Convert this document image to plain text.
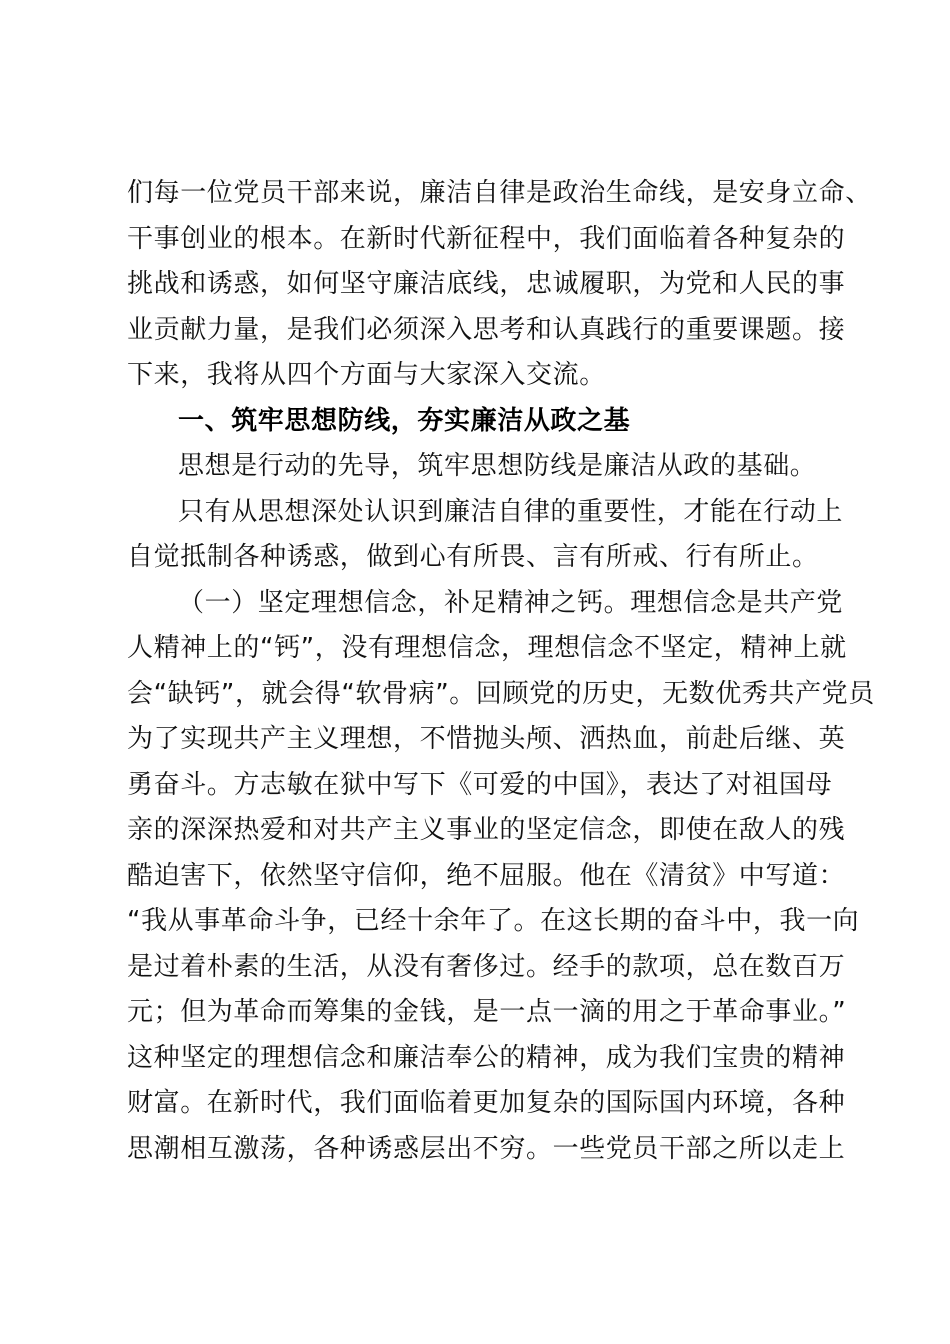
们每一位党员干部来说，廉洁自律是政治生命线，是安身立命、
干事创业的根本。在新时代新征程中，我们面临着各种复杂的
挑战和诱惑，如何坚守廉洁底线，忠诚履职，为党和人民的事
业贡献力量，是我们必须深入思考和认真践行的重要课题。接
下来，我将从四个方面与大家深入交流。
一、筑牢思想防线，夯实廉洁从政之基
思想是行动的先导，筑牢思想防线是廉洁从政的基础。
只有从思想深处认识到廉洁自律的重要性，才能在行动上
自觉抵制各种诱惑，做到心有所畏、言有所戒、行有所止。
（一）坚定理想信念，补足精神之钙。理想信念是共产党
人精神上的“钙”，没有理想信念，理想信念不坚定，精神上就
会“缺钙”，就会得“软骨病”。回顾党的历史，无数优秀共产党员
为了实现共产主义理想，不惜抛头颅、洒热血，前赴后继、英
勇奋斗。方志敏在狱中写下《可爱的中国》，表达了对祖国母
亲的深深热爱和对共产主义事业的坚定信念，即使在敌人的残
酷迫害下，依然坚守信仰，绝不屈服。他在《清贫》中写道：
“我从事革命斗争，已经十余年了。在这长期的奋斗中，我一向
是过着朴素的生活，从没有奢侈过。经手的款项，总在数百万
元；但为革命而筹集的金钱，是一点一滴的用之于革命事业。”
这种坚定的理想信念和廉洁奉公的精神，成为我们宝贵的精神
财富。在新时代，我们面临着更加复杂的国际国内环境，各种
思潮相互激荡，各种诱惑层出不穷。一些党员干部之所以走上
